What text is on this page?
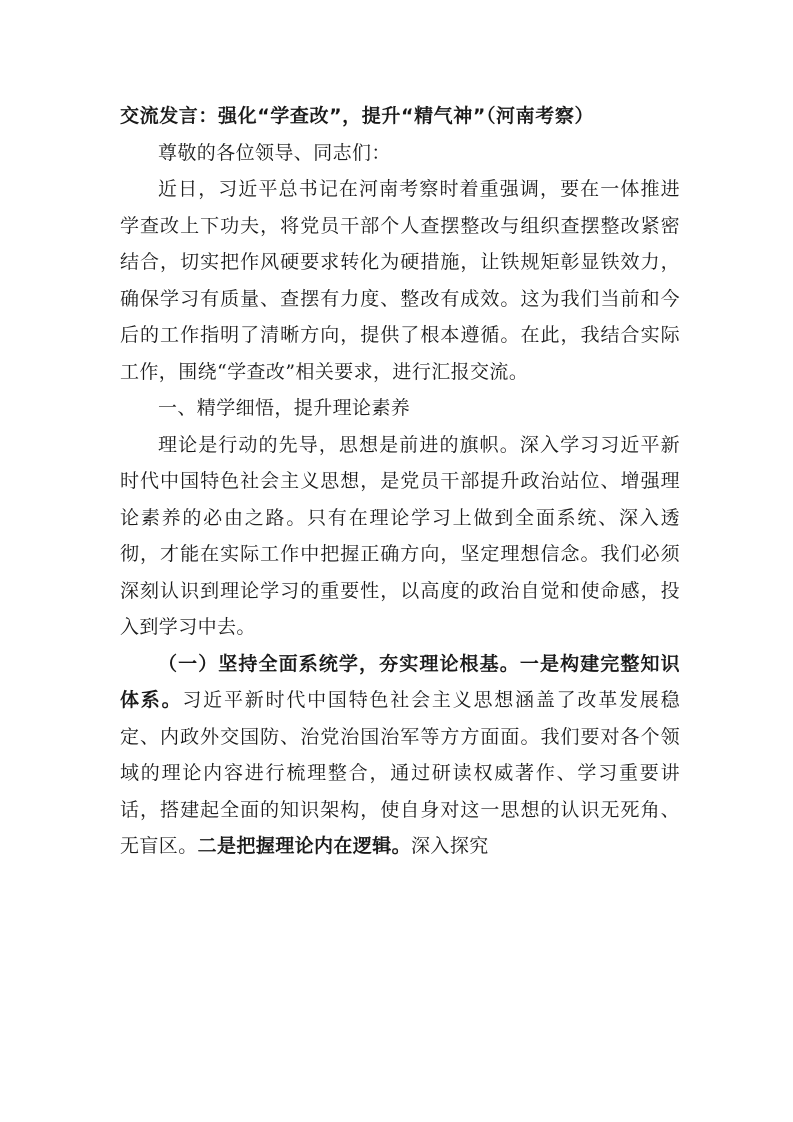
交流发言：强化“学查改”，提升“精气神”（河南考察）

尊敬的各位领导、同志们：

近日，习近平总书记在河南考察时着重强调，要在一体推进学查改上下功夫，将党员干部个人查摆整改与组织查摆整改紧密结合，切实把作风硬要求转化为硬措施，让铁规矩彰显铁效力，确保学习有质量、查摆有力度、整改有成效。这为我们当前和今后的工作指明了清晰方向，提供了根本遵循。在此，我结合实际工作，围绕“学查改”相关要求，进行汇报交流。

一、精学细悟，提升理论素养

理论是行动的先导，思想是前进的旗帜。深入学习习近平新时代中国特色社会主义思想，是党员干部提升政治站位、增强理论素养的必由之路。只有在理论学习上做到全面系统、深入透彻，才能在实际工作中把握正确方向，坚定理想信念。我们必须深刻认识到理论学习的重要性，以高度的政治自觉和使命感，投入到学习中去。

（一）坚持全面系统学，夯实理论根基。一是构建完整知识体系。习近平新时代中国特色社会主义思想涵盖了改革发展稳定、内政外交国防、治党治国治军等方方面面。我们要对各个领域的理论内容进行梳理整合，通过研读权威著作、学习重要讲话，搭建起全面的知识架构，使自身对这一思想的认识无死角、无盲区。二是把握理论内在逻辑。深入探究
